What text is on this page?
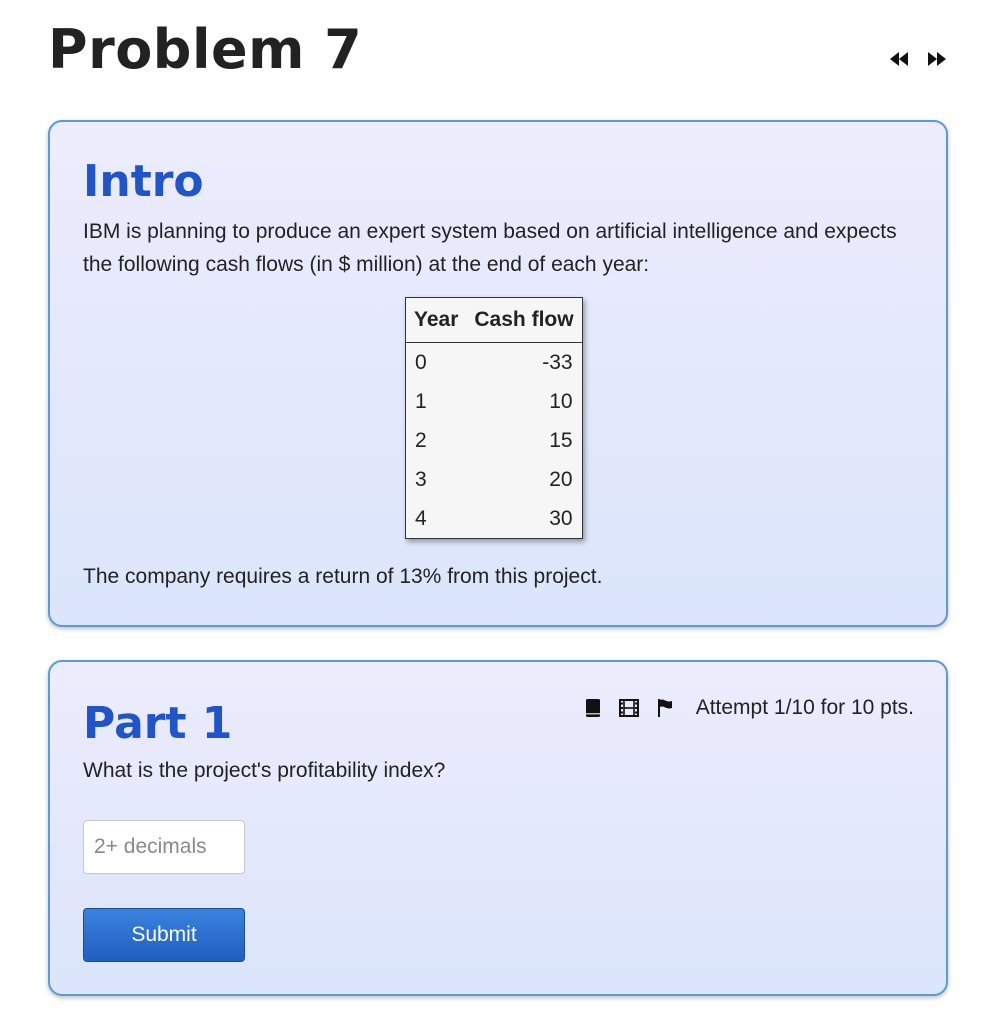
Problem 7
Intro

IBM is planning to produce an expert system based on artificial intelligence and expects the following cash flows (in $ million) at the end of each year:

Year	Cash flow
0	-33
1	10
2	15
3	20
4	30

The company requires a return of 13% from this project.

Part 1	Attempt 1/10 for 10 pts.

What is the project's profitability index?

2+ decimals
Submit
